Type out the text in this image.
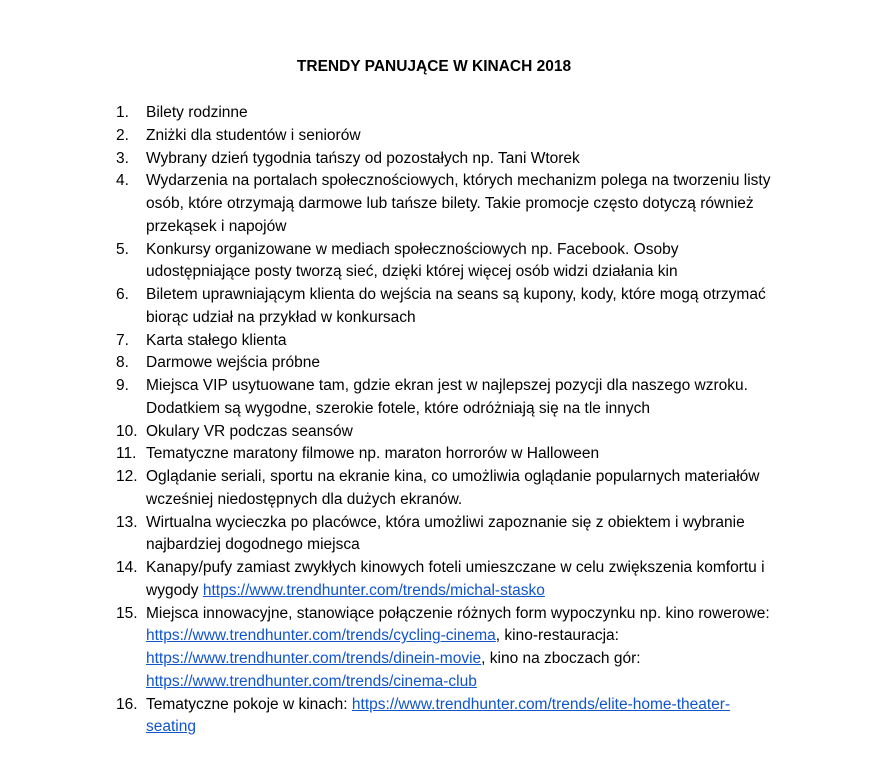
TRENDY PANUJĄCE W KINACH 2018
1. Bilety rodzinne
2. Zniżki dla studentów i seniorów
3. Wybrany dzień tygodnia tańszy od pozostałych np. Tani Wtorek
4. Wydarzenia na portalach społecznościowych, których mechanizm polega na tworzeniu listy osób, które otrzymają darmowe lub tańsze bilety. Takie promocje często dotyczą również przekąsek i napojów
5. Konkursy organizowane w mediach społecznościowych np. Facebook. Osoby udostępniające posty tworzą sieć, dzięki której więcej osób widzi działania kin
6. Biletem uprawniającym klienta do wejścia na seans są kupony, kody, które mogą otrzymać biorąc udział na przykład w konkursach
7. Karta stałego klienta
8. Darmowe wejścia próbne
9. Miejsca VIP usytuowane tam, gdzie ekran jest w najlepszej pozycji dla naszego wzroku. Dodatkiem są wygodne, szerokie fotele, które odróżniają się na tle innych
10. Okulary VR podczas seansów
11. Tematyczne maratony filmowe np. maraton horrorów w Halloween
12. Oglądanie seriali, sportu na ekranie kina, co umożliwia oglądanie popularnych materiałów wcześniej niedostępnych dla dużych ekranów.
13. Wirtualna wycieczka po placówce, która umożliwi zapoznanie się z obiektem i wybranie najbardziej dogodnego miejsca
14. Kanapy/pufy zamiast zwykłych kinowych foteli umieszczane w celu zwiększenia komfortu i wygody https://www.trendhunter.com/trends/michal-stasko
15. Miejsca innowacyjne, stanowiące połączenie różnych form wypoczynku np. kino rowerowe: https://www.trendhunter.com/trends/cycling-cinema, kino-restauracja: https://www.trendhunter.com/trends/dinein-movie, kino na zboczach gór: https://www.trendhunter.com/trends/cinema-club
16. Tematyczne pokoje w kinach: https://www.trendhunter.com/trends/elite-home-theater-seating
